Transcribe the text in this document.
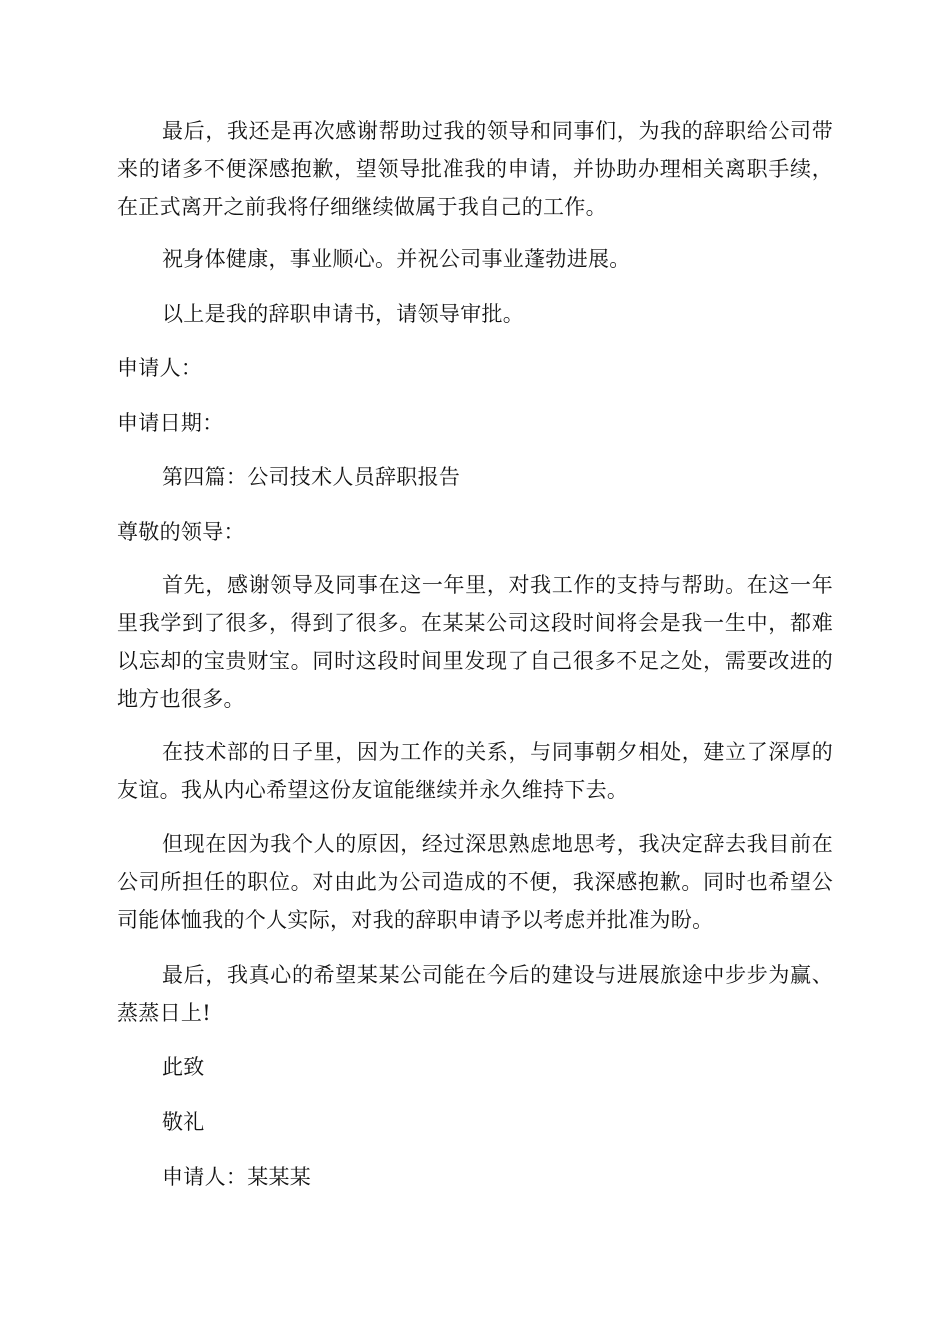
最后，我还是再次感谢帮助过我的领导和同事们，为我的辞职给公司带来的诸多不便深感抱歉，望领导批准我的申请，并协助办理相关离职手续，在正式离开之前我将仔细继续做属于我自己的工作。

祝身体健康，事业顺心。并祝公司事业蓬勃进展。

以上是我的辞职申请书，请领导审批。

申请人：

申请日期：

第四篇：公司技术人员辞职报告

尊敬的领导：

首先，感谢领导及同事在这一年里，对我工作的支持与帮助。在这一年里我学到了很多，得到了很多。在某某公司这段时间将会是我一生中，都难以忘却的宝贵财宝。同时这段时间里发现了自己很多不足之处，需要改进的地方也很多。

在技术部的日子里，因为工作的关系，与同事朝夕相处，建立了深厚的友谊。我从内心希望这份友谊能继续并永久维持下去。

但现在因为我个人的原因，经过深思熟虑地思考，我决定辞去我目前在公司所担任的职位。对由此为公司造成的不便，我深感抱歉。同时也希望公司能体恤我的个人实际，对我的辞职申请予以考虑并批准为盼。

最后，我真心的希望某某公司能在今后的建设与进展旅途中步步为赢、蒸蒸日上!

此致

敬礼

申请人：某某某
